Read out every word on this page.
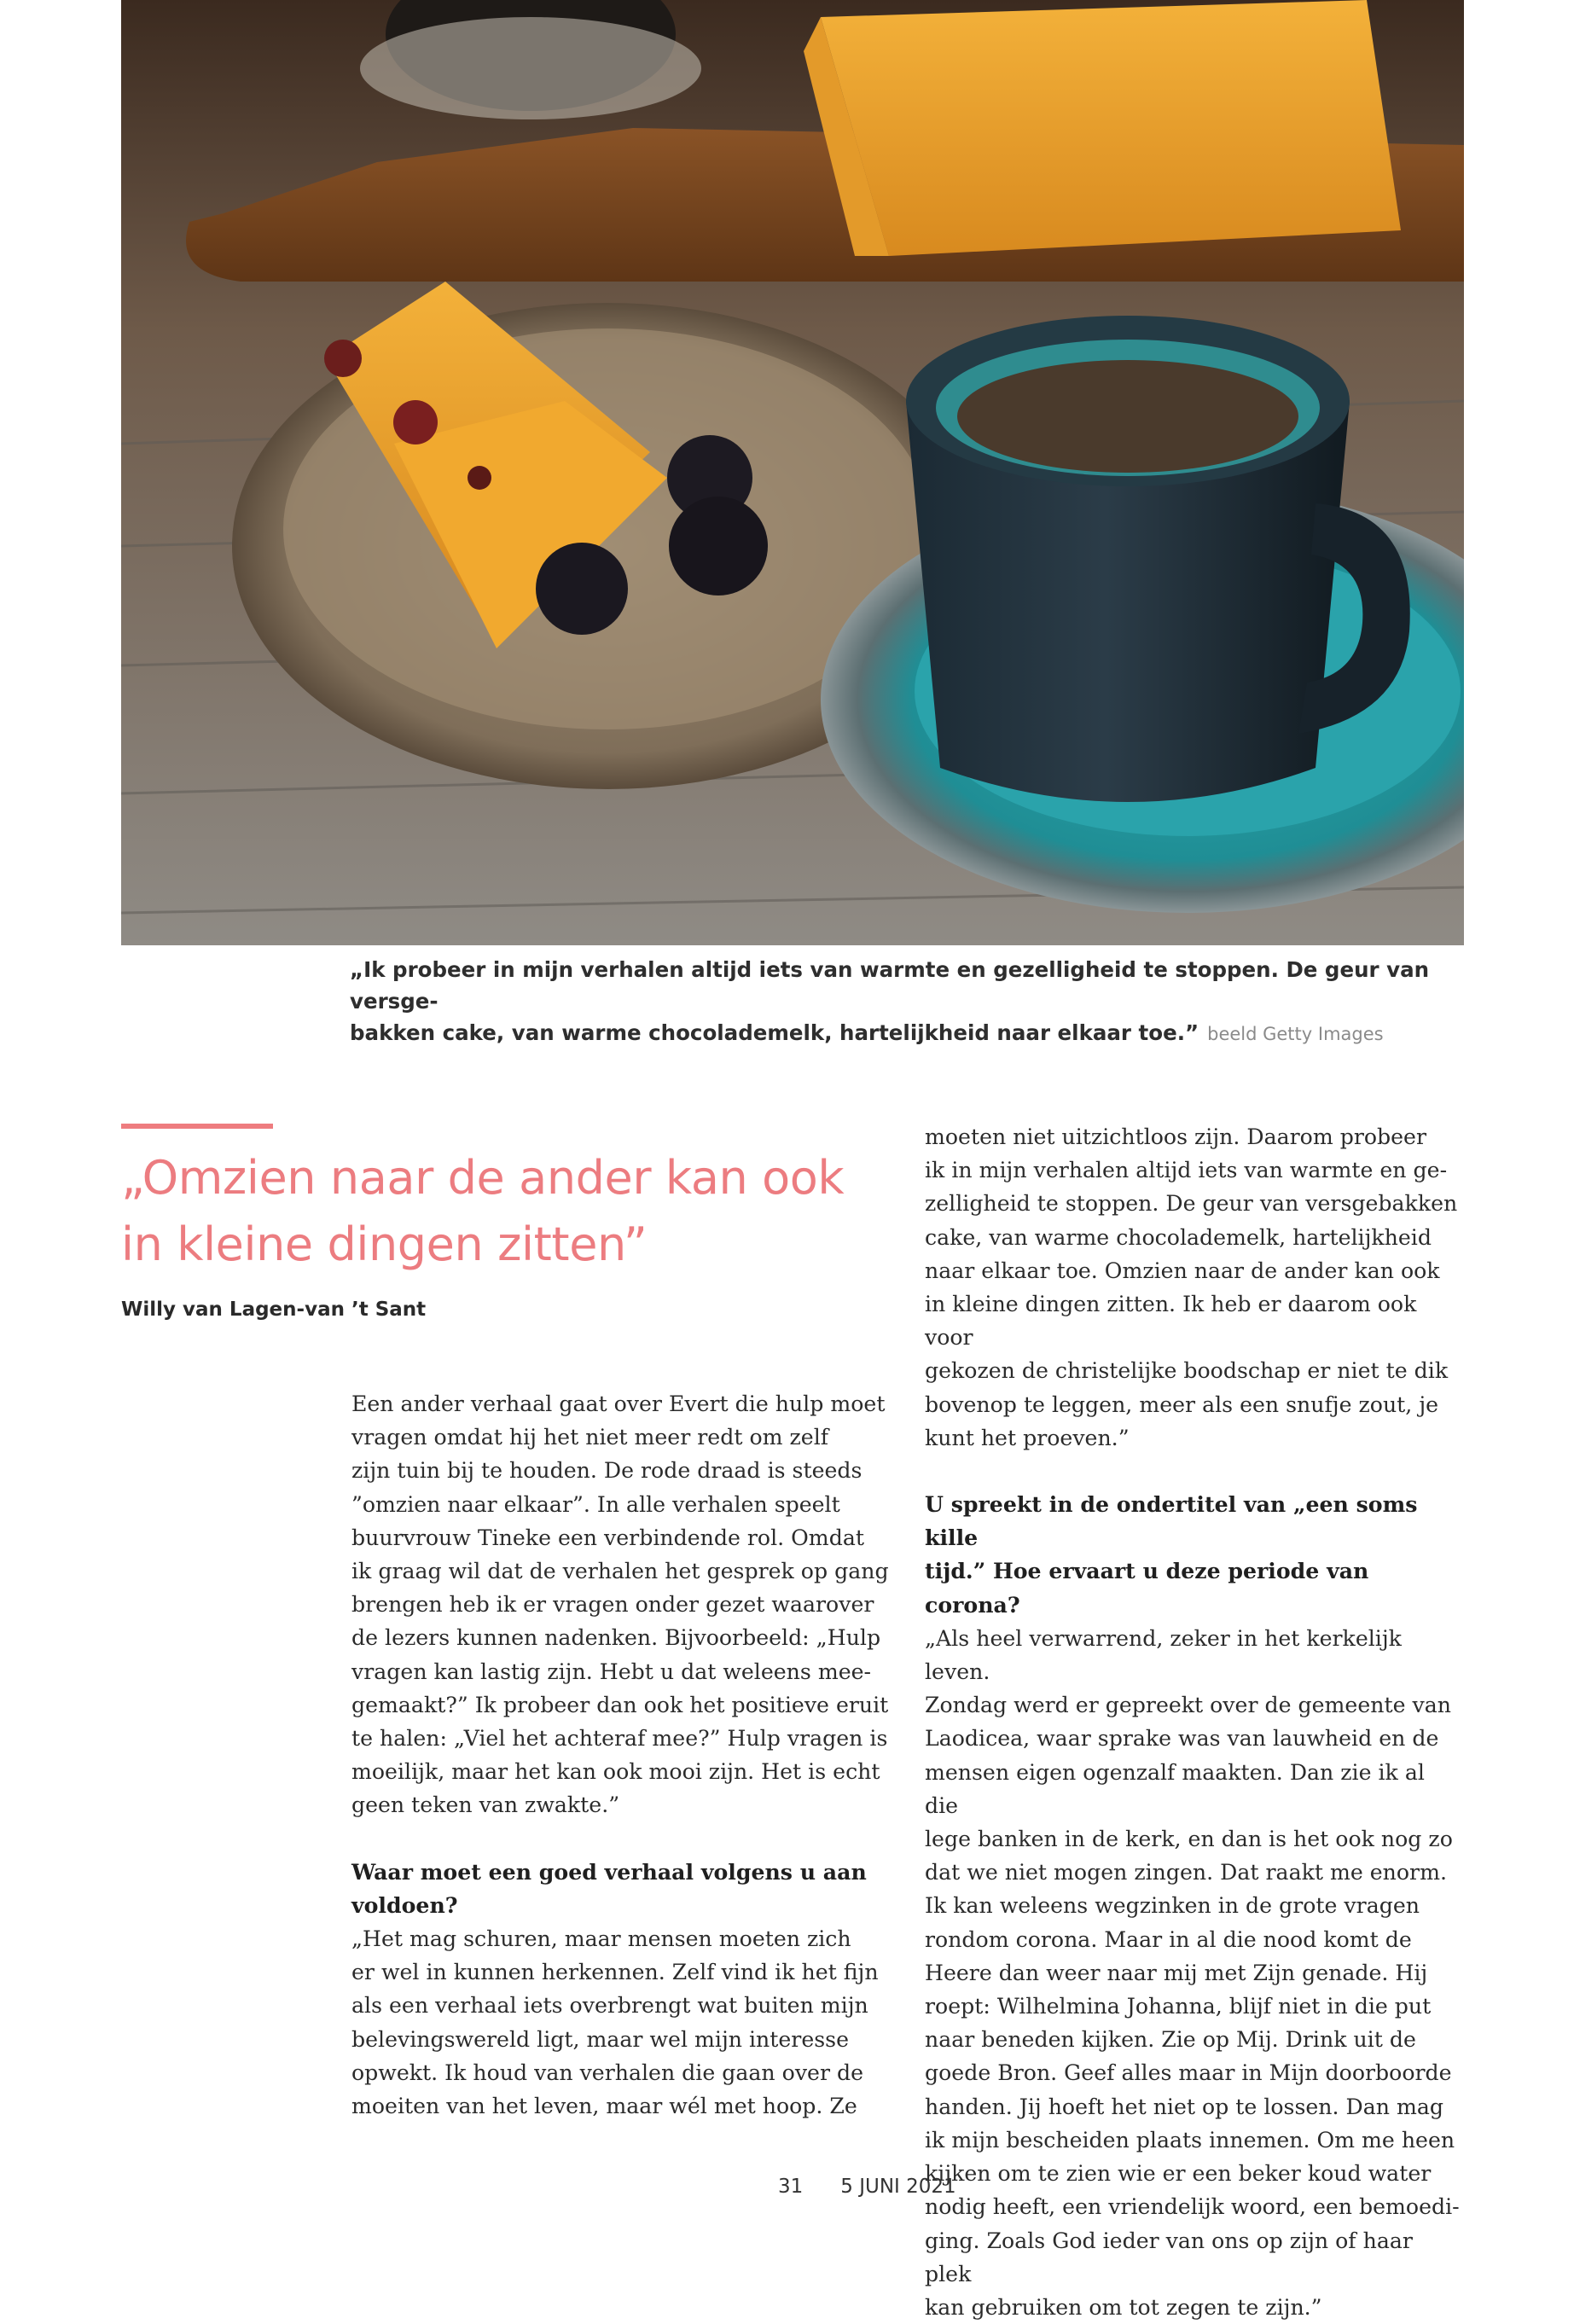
„Ik probeer in mijn verhalen altijd iets van warmte en gezelligheid te stoppen. De geur van versge-
bakken cake, van warme chocolademelk, hartelijkheid naar elkaar toe.” beeld Getty Images
„Omzien naar de ander kan ook
in kleine dingen zitten”
Willy van Lagen-van ’t Sant

Een ander verhaal gaat over Evert die hulp moet
vragen omdat hij het niet meer redt om zelf
zijn tuin bij te houden. De rode draad is steeds
”omzien naar elkaar”. In alle verhalen speelt
buurvrouw Tineke een verbindende rol. Omdat
ik graag wil dat de verhalen het gesprek op gang
brengen heb ik er vragen onder gezet waarover
de lezers kunnen nadenken. Bijvoorbeeld: „Hulp
vragen kan lastig zijn. Hebt u dat weleens mee-
gemaakt?” Ik probeer dan ook het positieve eruit
te halen: „Viel het achteraf mee?” Hulp vragen is
moeilijk, maar het kan ook mooi zijn. Het is echt
geen teken van zwakte.”

Waar moet een goed verhaal volgens u aan
voldoen?

„Het mag schuren, maar mensen moeten zich
er wel in kunnen herkennen. Zelf vind ik het fijn
als een verhaal iets overbrengt wat buiten mijn
belevingswereld ligt, maar wel mijn interesse
opwekt. Ik houd van verhalen die gaan over de
moeiten van het leven, maar wél met hoop. Ze

moeten niet uitzichtloos zijn. Daarom probeer
ik in mijn verhalen altijd iets van warmte en ge-
zelligheid te stoppen. De geur van versgebakken
cake, van warme chocolademelk, hartelijkheid
naar elkaar toe. Omzien naar de ander kan ook
in kleine dingen zitten. Ik heb er daarom ook voor
gekozen de christelijke boodschap er niet te dik
bovenop te leggen, meer als een snufje zout, je
kunt het proeven.”

U spreekt in de ondertitel van „een soms kille
tijd.” Hoe ervaart u deze periode van corona?

„Als heel verwarrend, zeker in het kerkelijk leven.
Zondag werd er gepreekt over de gemeente van
Laodicea, waar sprake was van lauwheid en de
mensen eigen ogenzalf maakten. Dan zie ik al die
lege banken in de kerk, en dan is het ook nog zo
dat we niet mogen zingen. Dat raakt me enorm.
Ik kan weleens wegzinken in de grote vragen
rondom corona. Maar in al die nood komt de
Heere dan weer naar mij met Zijn genade. Hij
roept: Wilhelmina Johanna, blijf niet in die put
naar beneden kijken. Zie op Mij. Drink uit de
goede Bron. Geef alles maar in Mijn doorboorde
handen. Jij hoeft het niet op te lossen. Dan mag
ik mijn bescheiden plaats innemen. Om me heen
kijken om te zien wie er een beker koud water
nodig heeft, een vriendelijk woord, een bemoedi-
ging. Zoals God ieder van ons op zijn of haar plek
kan gebruiken om tot zegen te zijn.”

31 5 JUNI 2021
